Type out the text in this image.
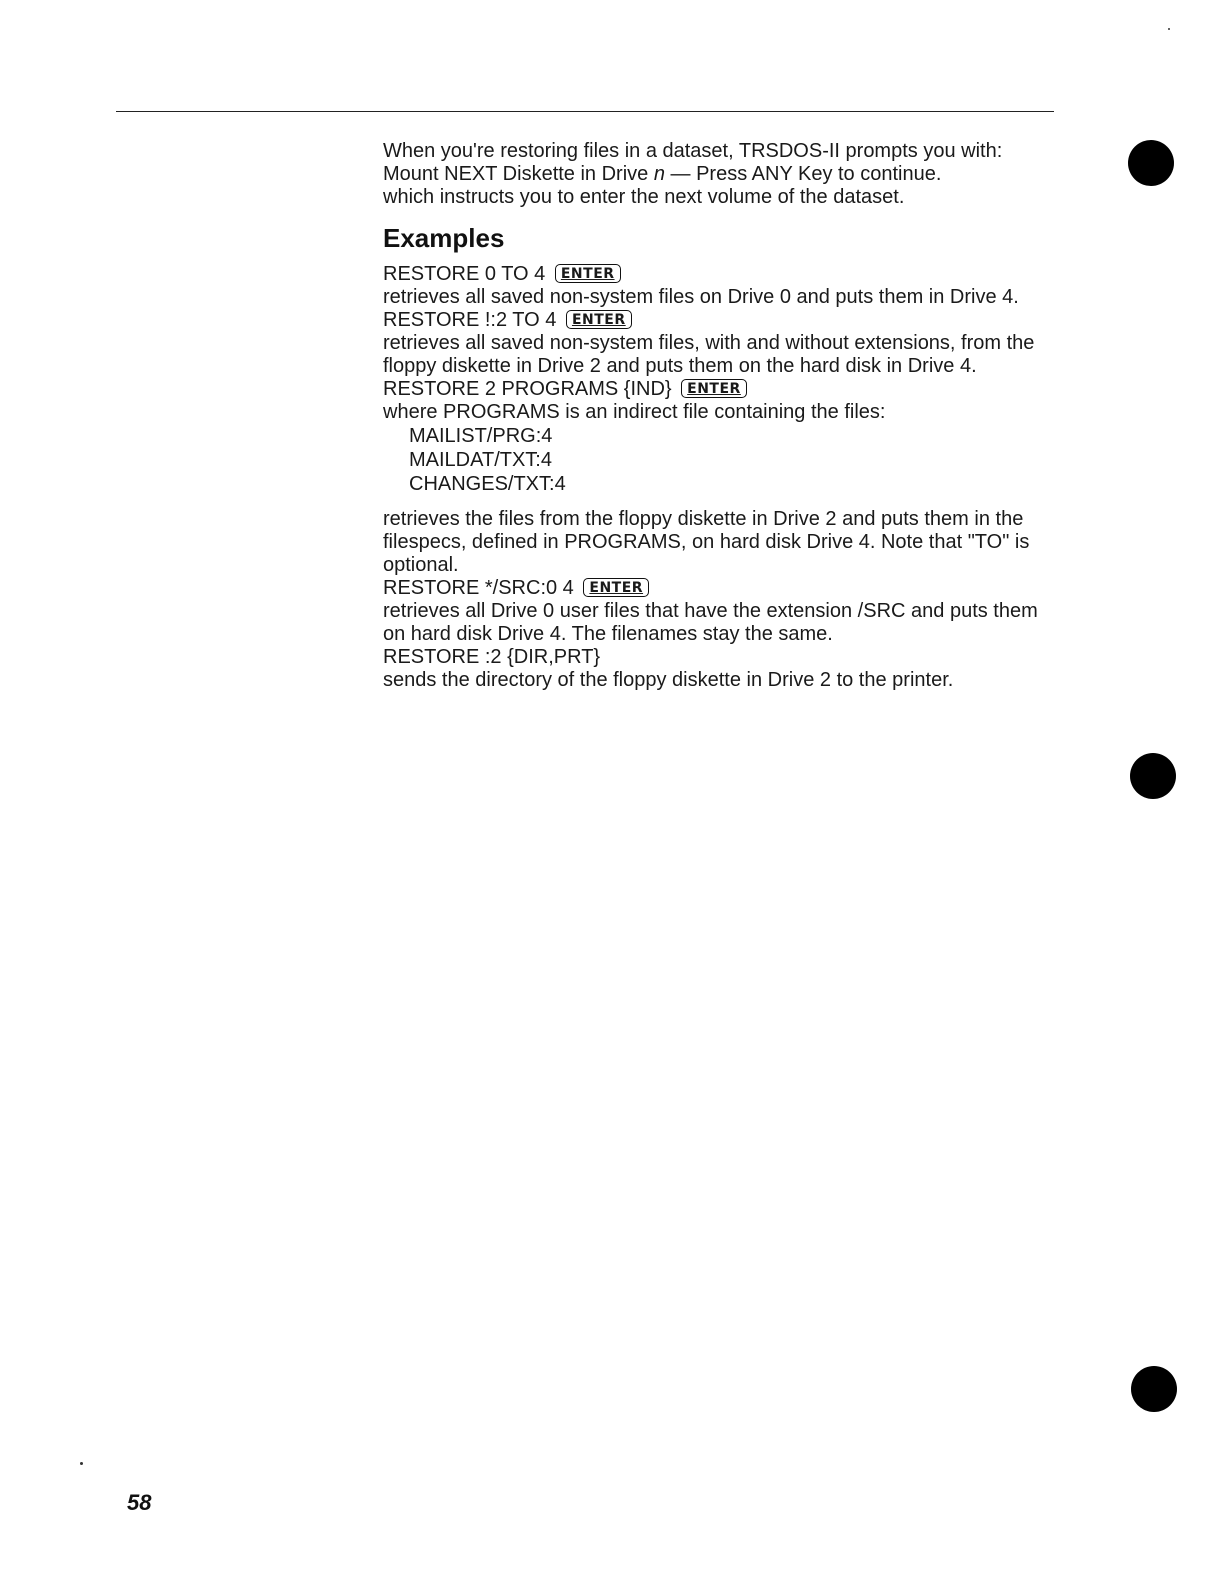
When you're restoring files in a dataset, TRSDOS-II prompts you with:

Mount NEXT Diskette in Drive n — Press ANY Key to continue.

which instructs you to enter the next volume of the dataset.

Examples

RESTORE 0 TO 4 ENTER

retrieves all saved non-system files on Drive 0 and puts them in Drive 4.

RESTORE !:2 TO 4 ENTER

retrieves all saved non-system files, with and without extensions, from the floppy diskette in Drive 2 and puts them on the hard disk in Drive 4.

RESTORE 2 PROGRAMS {IND} ENTER

where PROGRAMS is an indirect file containing the files:

MAILIST/PRG:4
MAILDAT/TXT:4
CHANGES/TXT:4

retrieves the files from the floppy diskette in Drive 2 and puts them in the filespecs, defined in PROGRAMS, on hard disk Drive 4. Note that "TO" is optional.

RESTORE */SRC:0 4 ENTER

retrieves all Drive 0 user files that have the extension /SRC and puts them on hard disk Drive 4. The filenames stay the same.

RESTORE :2 {DIR,PRT}

sends the directory of the floppy diskette in Drive 2 to the printer.

58
